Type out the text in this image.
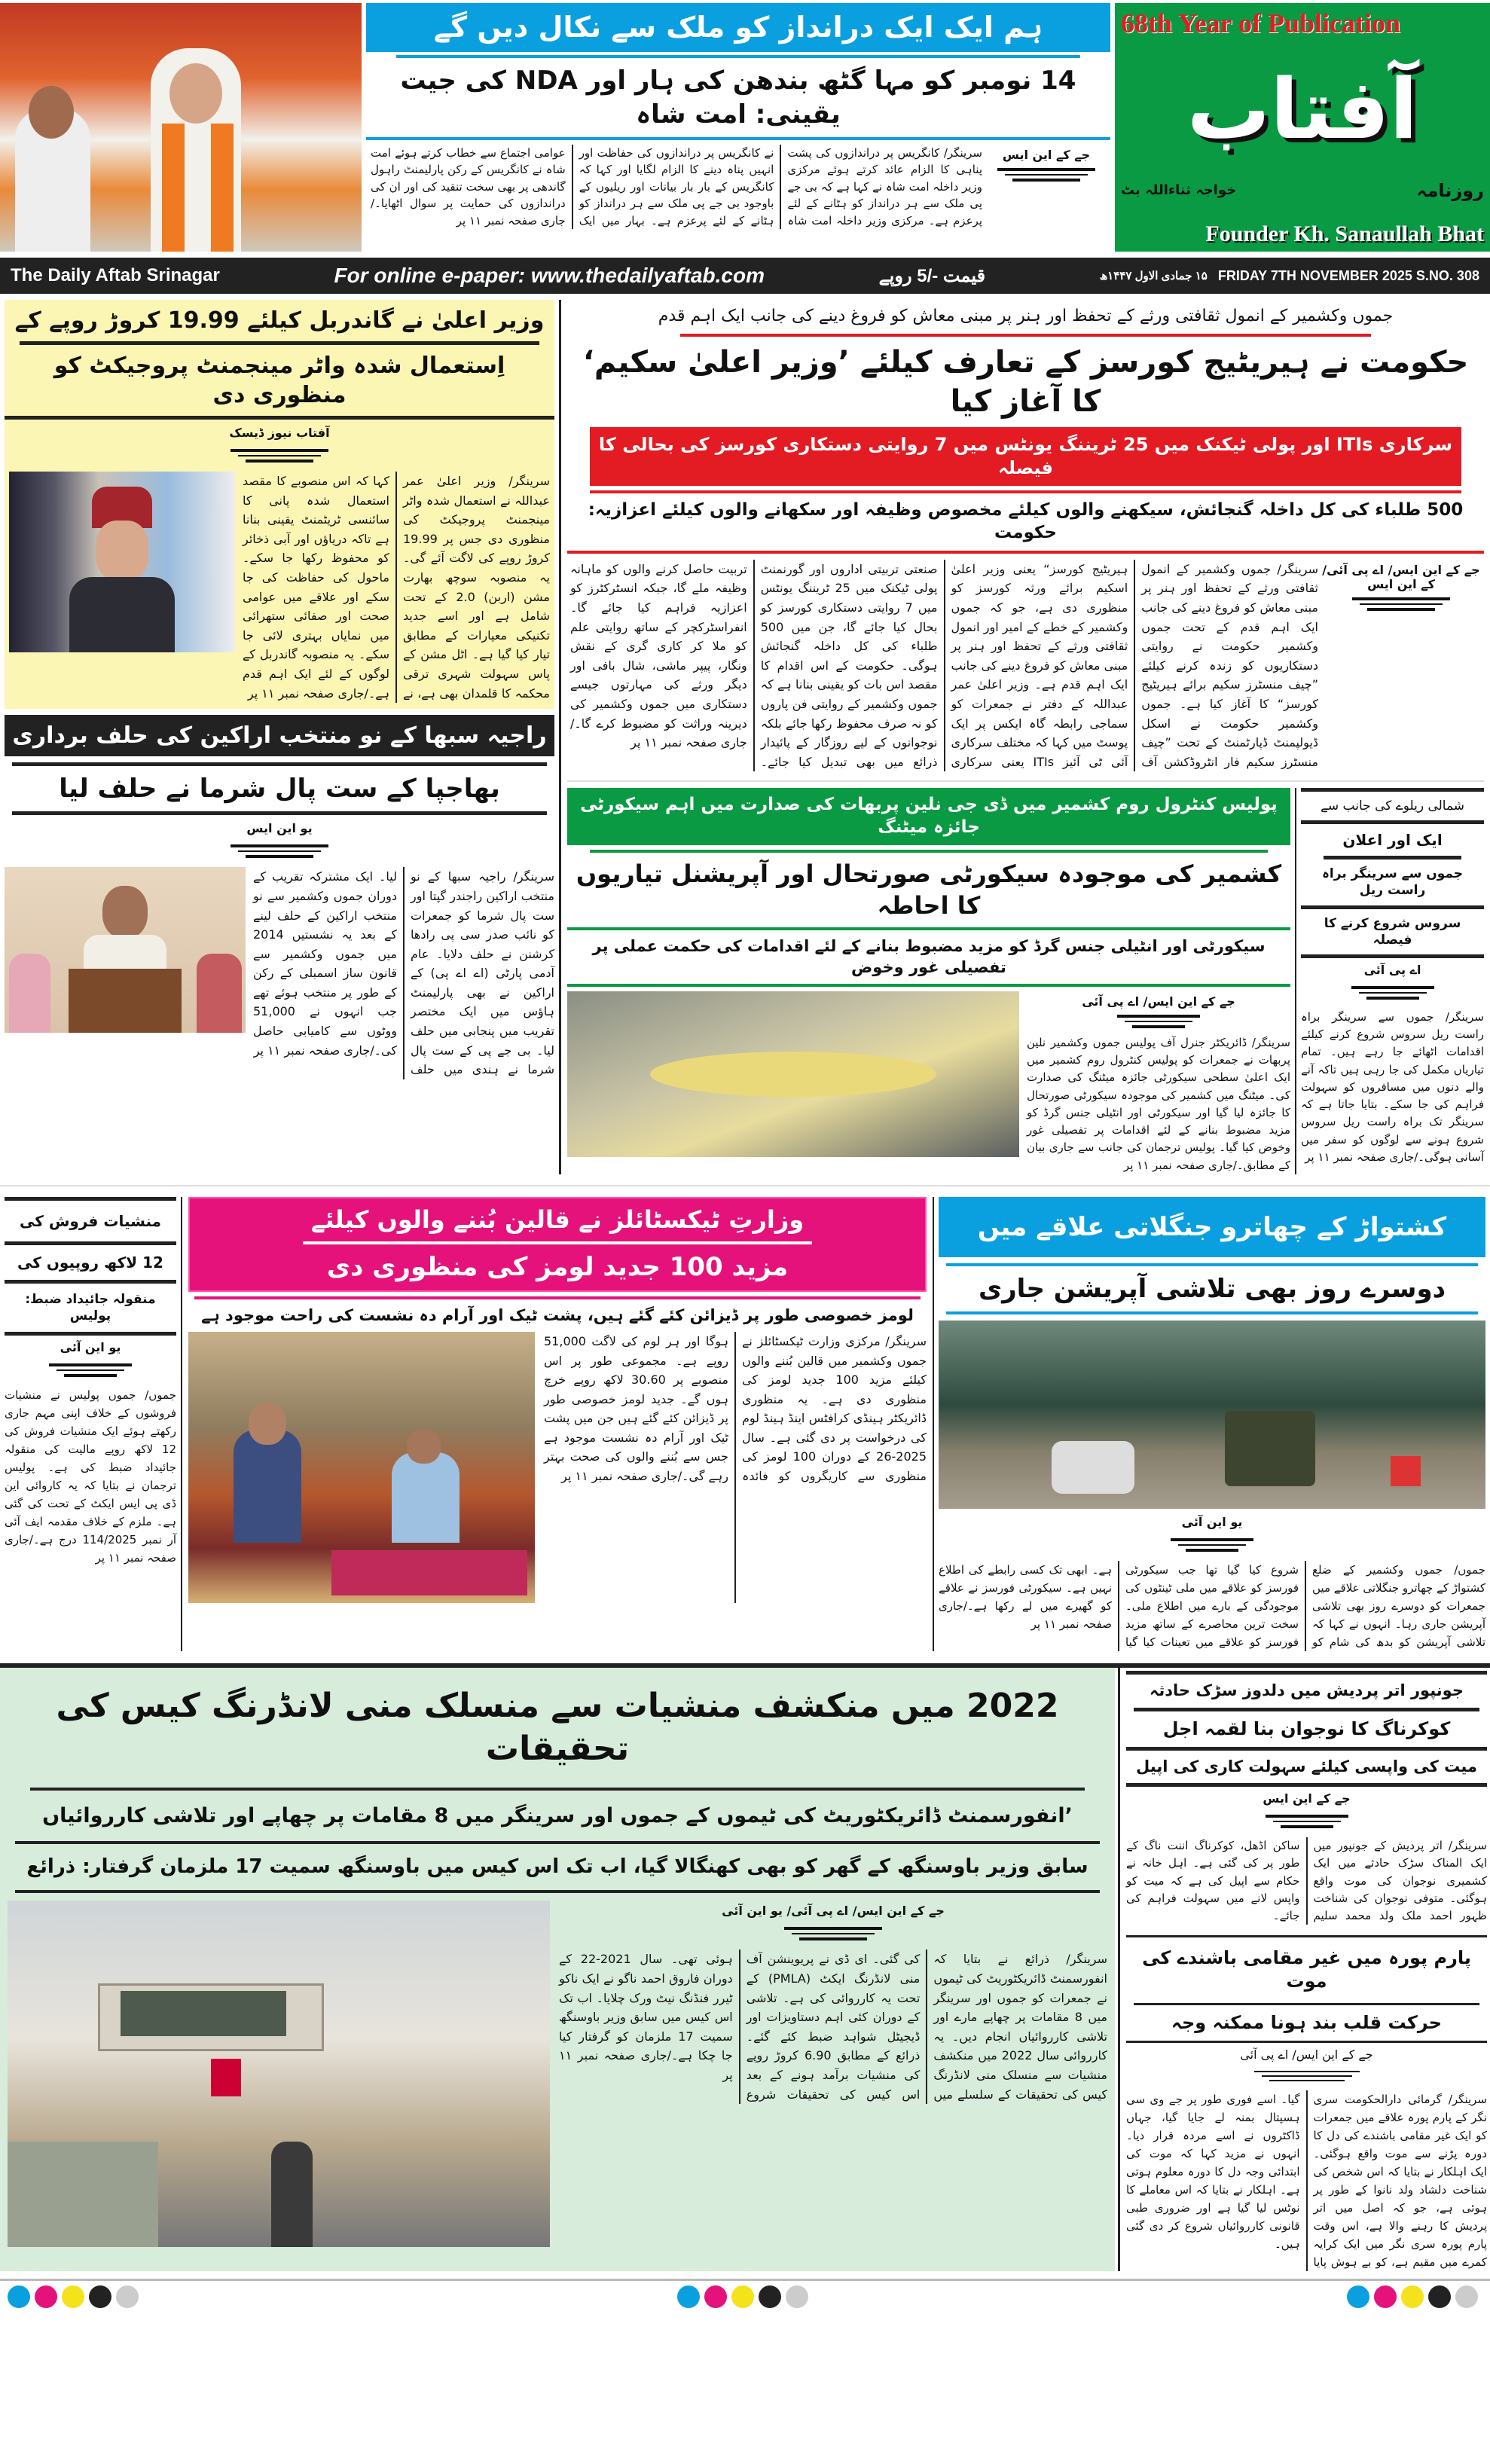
ہم ایک ایک درانداز کو ملک سے نکال دیں گے
14 نومبر کو مہا گٹھ بندھن کی ہار اور NDA کی جیت یقینی: امت شاہ
جے کے این ایس
سرینگر/ کانگریس پر دراندازوں کی پشت پناہی کا الزام عائد کرتے ہوئے مرکزی وزیر داخلہ امت شاہ نے کہا ہے کہ بی جے پی ملک سے ہر درانداز کو ہٹانے کے لئے پرعزم ہے۔ مرکزی وزیر داخلہ امت شاہ نے کانگریس پر دراندازوں کی حفاظت اور انہیں پناہ دینے کا الزام لگایا اور کہا کہ کانگریس کے بار بار بیانات اور ریلیوں کے باوجود بی جے پی ملک سے ہر درانداز کو ہٹانے کے لئے پرعزم ہے۔ بہار میں ایک عوامی اجتماع سے خطاب کرتے ہوئے امت شاہ نے کانگریس کے رکن پارلیمنٹ راہول گاندھی پر بھی سخت تنقید کی اور ان کی دراندازوں کی حمایت پر سوال اٹھایا۔/جاری صفحہ نمبر ۱۱ پر
68th Year of Publication
آفتاب
خواجہ ثناءاللہ بٹ	روزنامہ
Founder Kh. Sanaullah Bhat
The Daily Aftab Srinagar	For online e-paper: www.thedailyaftab.com	قیمت -/5 روپے	۱۵ جمادی الاول ۱۴۴۷ھ FRIDAY 7TH NOVEMBER 2025 S.NO. 308
وزیر اعلیٰ نے گاندربل کیلئے 19.99 کروڑ روپے کے
اِستعمال شدہ واٹر مینجمنٹ پروجیکٹ کو منظوری دی
آفتاب نیوز ڈیسک
سرینگر/ وزیر اعلیٰ عمر عبداللہ نے استعمال شدہ واٹر مینجمنٹ پروجیکٹ کی منظوری دی جس پر 19.99 کروڑ روپے کی لاگت آئے گی۔ یہ منصوبہ سوچھ بھارت مشن (اربن) 2.0 کے تحت شامل ہے اور اسے جدید تکنیکی معیارات کے مطابق تیار کیا گیا ہے۔ اٹل مشن کے پاس سہولت شہری ترقی محکمہ کا قلمدان بھی ہے، نے کہا کہ اس منصوبے کا مقصد استعمال شدہ پانی کا سائنسی ٹریٹمنٹ یقینی بنانا ہے تاکہ دریاؤں اور آبی ذخائر کو محفوظ رکھا جا سکے۔ ماحول کی حفاظت کی جا سکے اور علاقے میں عوامی صحت اور صفائی ستھرائی میں نمایاں بہتری لائی جا سکے۔ یہ منصوبہ گاندربل کے لوگوں کے لئے ایک اہم قدم ہے۔/جاری صفحہ نمبر ۱۱ پر
راجیہ سبھا کے نو منتخب اراکین کی حلف برداری
بھاجپا کے ست پال شرما نے حلف لیا
یو این ایس
سرینگر/ راجیہ سبھا کے نو منتخب اراکین راجندر گپتا اور ست پال شرما کو جمعرات کو نائب صدر سی پی رادھا کرشنن نے حلف دلایا۔ عام آدمی پارٹی (اے اے پی) کے اراکین نے بھی پارلیمنٹ ہاؤس میں ایک مختصر تقریب میں پنجابی میں حلف لیا۔ بی جے پی کے ست پال شرما نے ہندی میں حلف لیا۔ ایک مشترکہ تقریب کے دوران جموں وکشمیر سے نو منتخب اراکین کے حلف لینے کے بعد یہ نشستیں 2014 میں جموں وکشمیر سے قانون ساز اسمبلی کے رکن کے طور پر منتخب ہوئے تھے جب انہوں نے 51,000 ووٹوں سے کامیابی حاصل کی۔/جاری صفحہ نمبر ۱۱ پر
جموں وکشمیر کے انمول ثقافتی ورثے کے تحفظ اور ہنر پر مبنی معاش کو فروغ دینے کی جانب ایک اہم قدم
حکومت نے ہیریٹیج کورسز کے تعارف کیلئے ’وزیر اعلیٰ سکیم‘ کا آغاز کیا
سرکاری ITIs اور پولی ٹیکنک میں 25 ٹریننگ یونٹس میں 7 روایتی دستکاری کورسز کی بحالی کا فیصلہ
500 طلباء کی کل داخلہ گنجائش، سیکھنے والوں کیلئے مخصوص وظیفہ اور سکھانے والوں کیلئے اعزازیہ: حکومت
جے کے این ایس/ اے پی آئی/ کے این ایس
سرینگر/ جموں وکشمیر کے انمول ثقافتی ورثے کے تحفظ اور ہنر پر مبنی معاش کو فروغ دینے کی جانب ایک اہم قدم کے تحت جموں وکشمیر حکومت نے روایتی دستکاریوں کو زندہ کرنے کیلئے ”چیف منسٹرز سکیم برائے ہیریٹیج کورسز“ کا آغاز کیا ہے۔ جموں وکشمیر حکومت نے اسکل ڈیولپمنٹ ڈپارٹمنٹ کے تحت ”چیف منسٹرز سکیم فار انٹروڈکشن آف ہیریٹیج کورسز“ یعنی وزیر اعلیٰ اسکیم برائے ورثہ کورسز کو منظوری دی ہے، جو کہ جموں وکشمیر کے خطے کے امیر اور انمول ثقافتی ورثے کے تحفظ اور ہنر پر مبنی معاش کو فروغ دینے کی جانب ایک اہم قدم ہے۔ وزیر اعلیٰ عمر عبداللہ کے دفتر نے جمعرات کو سماجی رابطہ گاہ ایکس پر ایک پوسٹ میں کہا کہ مختلف سرکاری آئی ٹی آئیز ITIs یعنی سرکاری صنعتی تربیتی اداروں اور گورنمنٹ پولی ٹیکنک میں 25 ٹریننگ یونٹس میں 7 روایتی دستکاری کورسز کو بحال کیا جائے گا، جن میں 500 طلباء کی کل داخلہ گنجائش ہوگی۔ حکومت کے اس اقدام کا مقصد اس بات کو یقینی بنانا ہے کہ جموں وکشمیر کے روایتی فن پاروں کو نہ صرف محفوظ رکھا جائے بلکہ نوجوانوں کے لیے روزگار کے پائیدار ذرائع میں بھی تبدیل کیا جائے۔ تربیت حاصل کرنے والوں کو ماہانہ وظیفہ ملے گا، جبکہ انسٹرکٹرز کو اعزازیہ فراہم کیا جائے گا۔ انفراسٹرکچر کے ساتھ روایتی علم کو ملا کر کاری گری کے نقش ونگار، پیپر ماشی، شال بافی اور دیگر ورثے کی مہارتوں جیسے دستکاری میں جموں وکشمیر کی دیرینہ وراثت کو مضبوط کرے گا۔/جاری صفحہ نمبر ۱۱ پر
پولیس کنٹرول روم کشمیر میں ڈی جی نلین پربھات کی صدارت میں اہم سیکورٹی جائزہ میٹنگ
کشمیر کی موجودہ سیکورٹی صورتحال اور آپریشنل تیاریوں کا احاطہ
سیکورٹی اور انٹیلی جنس گرڈ کو مزید مضبوط بنانے کے لئے اقدامات کی حکمت عملی پر تفصیلی غور وخوض
جے کے این ایس/ اے پی آئی
سرینگر/ ڈائریکٹر جنرل آف پولیس جموں وکشمیر نلین پربھات نے جمعرات کو پولیس کنٹرول روم کشمیر میں ایک اعلیٰ سطحی سیکورٹی جائزہ میٹنگ کی صدارت کی۔ میٹنگ میں کشمیر کی موجودہ سیکورٹی صورتحال کا جائزہ لیا گیا اور سیکورٹی اور انٹیلی جنس گرڈ کو مزید مضبوط بنانے کے لئے اقدامات پر تفصیلی غور وخوض کیا گیا۔ پولیس ترجمان کی جانب سے جاری بیان کے مطابق۔/جاری صفحہ نمبر ۱۱ پر
شمالی ریلوے کی جانب سے
ایک اور اعلان
جموں سے سرینگر براہ راست ریل
سروس شروع کرنے کا فیصلہ
اے پی آئی
سرینگر/ جموں سے سرینگر براہ راست ریل سروس شروع کرنے کیلئے اقدامات اٹھائے جا رہے ہیں۔ تمام تیاریاں مکمل کی جا رہی ہیں تاکہ آنے والے دنوں میں مسافروں کو سہولت فراہم کی جا سکے۔ بتایا جاتا ہے کہ سرینگر تک براہ راست ریل سروس شروع ہونے سے لوگوں کو سفر میں آسانی ہوگی۔/جاری صفحہ نمبر ۱۱ پر
منشیات فروش کی
12 لاکھ روپیوں کی
منقولہ جائیداد ضبط: پولیس
یو این آئی
جموں/ جموں پولیس نے منشیات فروشوں کے خلاف اپنی مہم جاری رکھتے ہوئے ایک منشیات فروش کی 12 لاکھ روپے مالیت کی منقولہ جائیداد ضبط کی ہے۔ پولیس ترجمان نے بتایا کہ یہ کاروائی این ڈی پی ایس ایکٹ کے تحت کی گئی ہے۔ ملزم کے خلاف مقدمہ ایف آئی آر نمبر 114/2025 درج ہے۔/جاری صفحہ نمبر ۱۱ پر
وزارتِ ٹیکسٹائلز نے قالین بُننے والوں کیلئے
مزید 100 جدید لومز کی منظوری دی
لومز خصوصی طور پر ڈیزائن کئے گئے ہیں، پشت ٹیک اور آرام دہ نشست کی راحت موجود ہے
سرینگر/ مرکزی وزارت ٹیکسٹائلز نے جموں وکشمیر میں قالین بُننے والوں کیلئے مزید 100 جدید لومز کی منظوری دی ہے۔ یہ منظوری ڈائریکٹر ہینڈی کرافٹس اینڈ ہینڈ لوم کی درخواست پر دی گئی ہے۔ سال 2025-26 کے دوران 100 لومز کی منظوری سے کاریگروں کو فائدہ ہوگا اور ہر لوم کی لاگت 51,000 روپے ہے۔ مجموعی طور پر اس منصوبے پر 30.60 لاکھ روپے خرچ ہوں گے۔ جدید لومز خصوصی طور پر ڈیزائن کئے گئے ہیں جن میں پشت ٹیک اور آرام دہ نشست موجود ہے جس سے بُننے والوں کی صحت بہتر رہے گی۔/جاری صفحہ نمبر ۱۱ پر
کشتواڑ کے چھاترو جنگلاتی علاقے میں
دوسرے روز بھی تلاشی آپریشن جاری
یو این آئی
جموں/ جموں وکشمیر کے ضلع کشتواڑ کے چھاترو جنگلاتی علاقے میں جمعرات کو دوسرے روز بھی تلاشی آپریشن جاری رہا۔ انہوں نے کہا کہ تلاشی آپریشن کو بدھ کی شام کو شروع کیا گیا تھا جب سیکورٹی فورسز کو علاقے میں ملی ٹینٹوں کی موجودگی کے بارے میں اطلاع ملی۔ سخت ترین محاصرے کے ساتھ مزید فورسز کو علاقے میں تعینات کیا گیا ہے۔ ابھی تک کسی رابطے کی اطلاع نہیں ہے۔ سیکورٹی فورسز نے علاقے کو گھیرے میں لے رکھا ہے۔/جاری صفحہ نمبر ۱۱ پر
2022 میں منکشف منشیات سے منسلک منی لانڈرنگ کیس کی تحقیقات
’انفورسمنٹ ڈائریکٹوریٹ کی ٹیموں کے جموں اور سرینگر میں 8 مقامات پر چھاپے اور تلاشی کارروائیاں
سابق وزیر باوسنگھ کے گھر کو بھی کھنگالا گیا، اب تک اس کیس میں باوسنگھ سمیت 17 ملزمان گرفتار: ذرائع
جے کے این ایس/ اے پی آئی/ یو این آئی
سرینگر/ ذرائع نے بتایا کہ انفورسمنٹ ڈائریکٹوریٹ کی ٹیموں نے جمعرات کو جموں اور سرینگر میں 8 مقامات پر چھاپے مارے اور تلاشی کارروائیاں انجام دیں۔ یہ کارروائی سال 2022 میں منکشف منشیات سے منسلک منی لانڈرنگ کیس کی تحقیقات کے سلسلے میں کی گئی۔ ای ڈی نے پریوینشن آف منی لانڈرنگ ایکٹ (PMLA) کے تحت یہ کارروائی کی ہے۔ تلاشی کے دوران کئی اہم دستاویزات اور ڈیجیٹل شواہد ضبط کئے گئے۔ ذرائع کے مطابق 6.90 کروڑ روپے کی منشیات برآمد ہونے کے بعد اس کیس کی تحقیقات شروع ہوئی تھی۔ سال 2021-22 کے دوران فاروق احمد ناگو نے ایک ناکو ٹیرر فنڈنگ نیٹ ورک چلایا۔ اب تک اس کیس میں سابق وزیر باوسنگھ سمیت 17 ملزمان کو گرفتار کیا جا چکا ہے۔/جاری صفحہ نمبر ۱۱ پر
جونپور اتر پردیش میں دلدوز سڑک حادثہ
کوکرناگ کا نوجوان بنا لقمہ اجل
میت کی واپسی کیلئے سہولت کاری کی اپیل
جے کے این ایس
سرینگر/ اتر پردیش کے جونپور میں ایک المناک سڑک حادثے میں ایک کشمیری نوجوان کی موت واقع ہوگئی۔ متوفی نوجوان کی شناخت ظہور احمد ملک ولد محمد سلیم ساکن اڈھل، کوکرناگ اننت ناگ کے طور پر کی گئی ہے۔ اہل خانہ نے حکام سے اپیل کی ہے کہ میت کو واپس لانے میں سہولت فراہم کی جائے۔
پارم پورہ میں غیر مقامی باشندے کی موت
حرکت قلب بند ہونا ممکنہ وجہ
جے کے این ایس/ اے پی آئی
سرینگر/ گرمائی دارالحکومت سری نگر کے پارم پورہ علاقے میں جمعرات کو ایک غیر مقامی باشندے کی دل کا دورہ پڑنے سے موت واقع ہوگئی۔ ایک اہلکار نے بتایا کہ اس شخص کی شناخت دلشاد ولد نانوا کے طور پر ہوئی ہے، جو کہ اصل میں اتر پردیش کا رہنے والا ہے، اس وقت پارم پورہ سری نگر میں ایک کرایہ کمرے میں مقیم ہے، کو بے ہوش پایا گیا۔ اسے فوری طور پر جے وی سی ہسپتال بمنہ لے جایا گیا، جہاں ڈاکٹروں نے اسے مردہ قرار دیا۔ انہوں نے مزید کہا کہ موت کی ابتدائی وجہ دل کا دورہ معلوم ہوتی ہے۔ اہلکار نے بتایا کہ اس معاملے کا نوٹس لیا گیا ہے اور ضروری طبی قانونی کارروائیاں شروع کر دی گئی ہیں۔
